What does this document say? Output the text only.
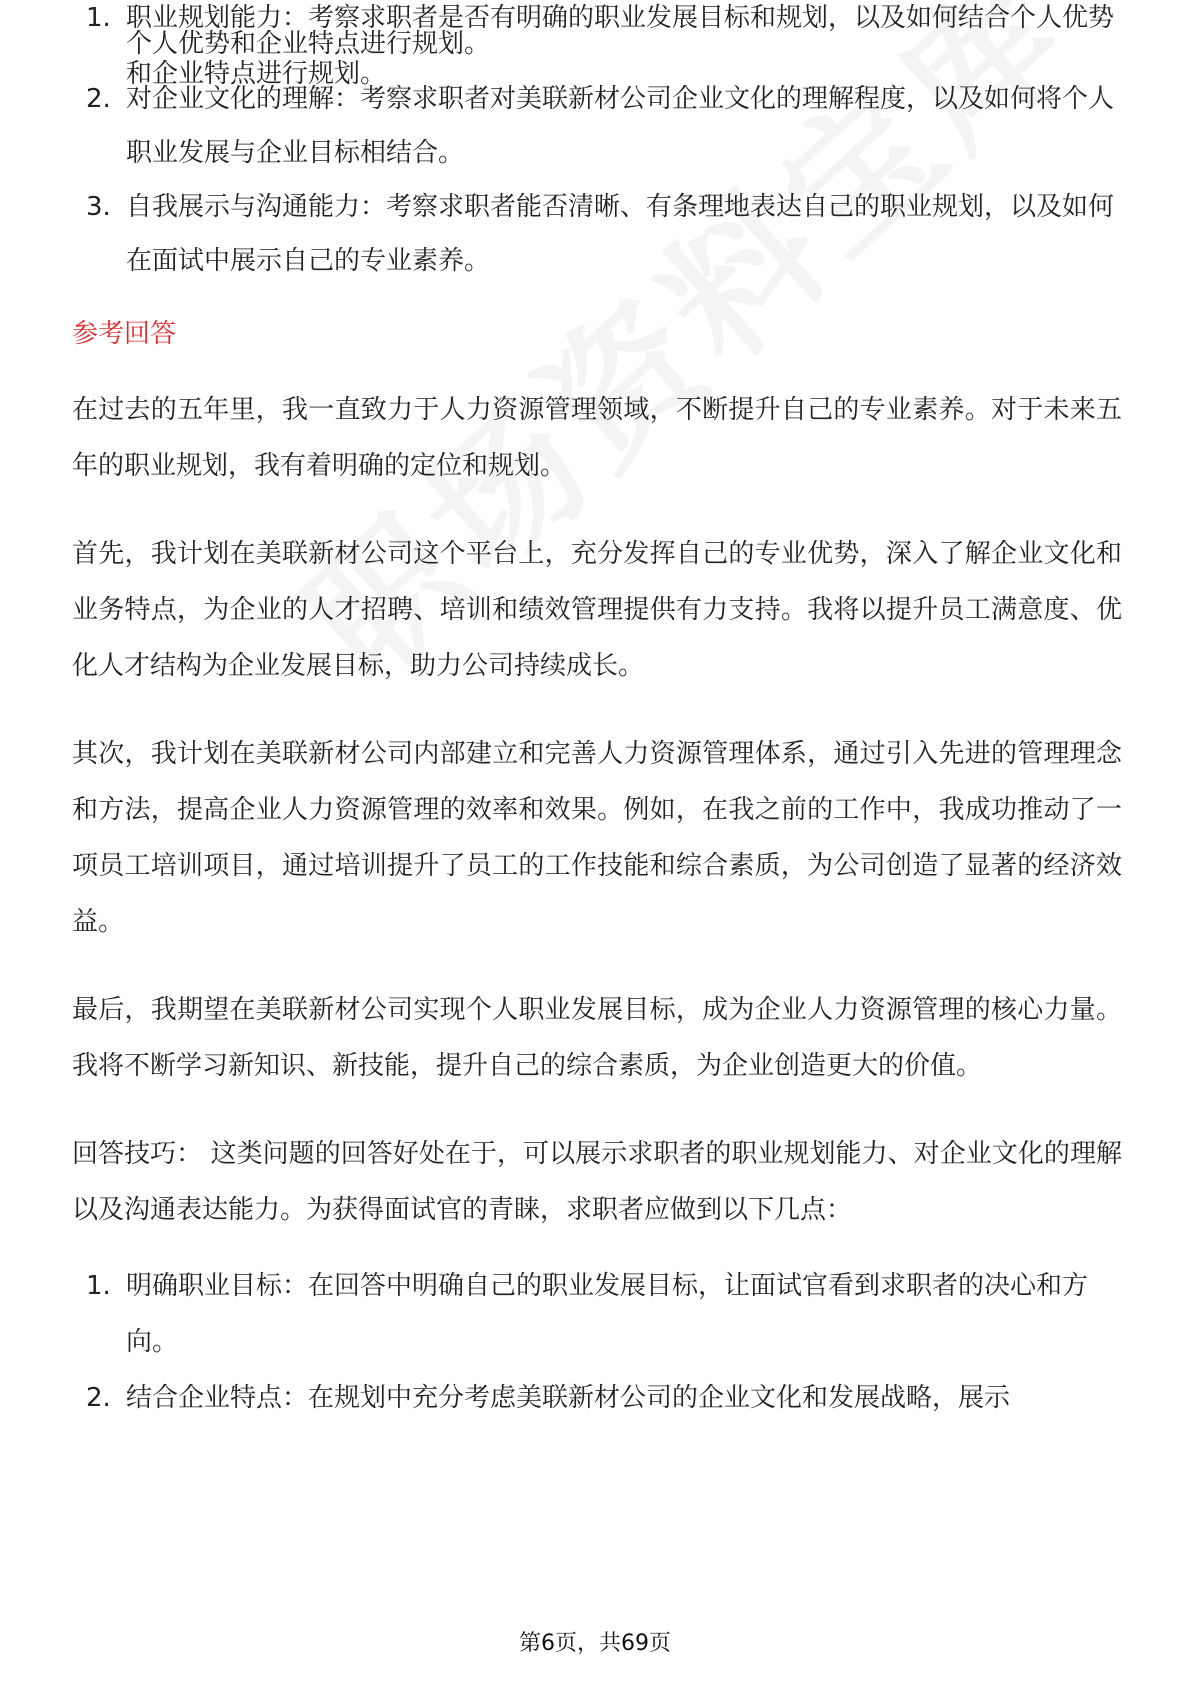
1. 职业规划能力：考察求职者是否有明确的职业发展目标和规划，以及如何结合个人优势和企业特点进行规划。
个人优势和企业特点进行规划。
2. 对企业文化的理解：考察求职者对美联新材公司企业文化的理解程度，以及如何将个人职业发展与企业目标相结合。
3. 自我展示与沟通能力：考察求职者能否清晰、有条理地表达自己的职业规划，以及如何在面试中展示自己的专业素养。
参考回答

在过去的五年里，我一直致力于人力资源管理领域，不断提升自己的专业素养。对于未来五年的职业规划，我有着明确的定位和规划。

首先，我计划在美联新材公司这个平台上，充分发挥自己的专业优势，深入了解企业文化和业务特点，为企业的人才招聘、培训和绩效管理提供有力支持。我将以提升员工满意度、优化人才结构为企业发展目标，助力公司持续成长。

其次，我计划在美联新材公司内部建立和完善人力资源管理体系，通过引入先进的管理理念和方法，提高企业人力资源管理的效率和效果。例如，在我之前的工作中，我成功推动了一项员工培训项目，通过培训提升了员工的工作技能和综合素质，为公司创造了显著的经济效益。

最后，我期望在美联新材公司实现个人职业发展目标，成为企业人力资源管理的核心力量。我将不断学习新知识、新技能，提升自己的综合素质，为企业创造更大的价值。

回答技巧： 这类问题的回答好处在于，可以展示求职者的职业规划能力、对企业文化的理解以及沟通表达能力。为获得面试官的青睐，求职者应做到以下几点：

1. 明确职业目标：在回答中明确自己的职业发展目标，让面试官看到求职者的决心和方向。
2. 结合企业特点：在规划中充分考虑美联新材公司的企业文化和发展战略，展示
第6页，共69页
